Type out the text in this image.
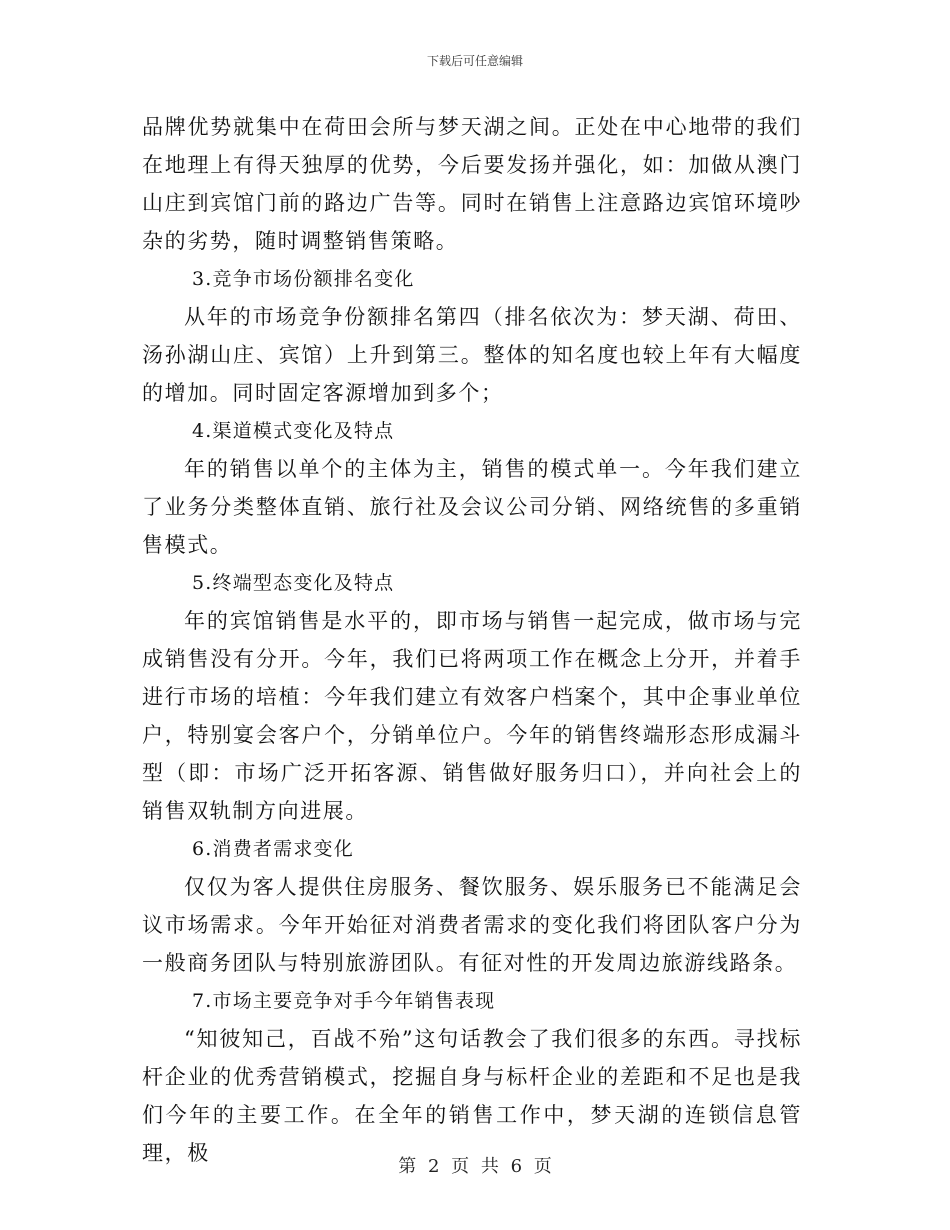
下载后可任意编辑

品牌优势就集中在荷田会所与梦天湖之间。正处在中心地带的我们在地理上有得天独厚的优势，今后要发扬并强化，如：加做从澳门山庄到宾馆门前的路边广告等。同时在销售上注意路边宾馆环境吵杂的劣势，随时调整销售策略。

3.竞争市场份额排名变化

从年的市场竞争份额排名第四（排名依次为：梦天湖、荷田、汤孙湖山庄、宾馆）上升到第三。整体的知名度也较上年有大幅度的增加。同时固定客源增加到多个；

4.渠道模式变化及特点

年的销售以单个的主体为主，销售的模式单一。今年我们建立了业务分类整体直销、旅行社及会议公司分销、网络统售的多重销售模式。

5.终端型态变化及特点

年的宾馆销售是水平的，即市场与销售一起完成，做市场与完成销售没有分开。今年，我们已将两项工作在概念上分开，并着手进行市场的培植：今年我们建立有效客户档案个，其中企事业单位户，特别宴会客户个，分销单位户。今年的销售终端形态形成漏斗型（即：市场广泛开拓客源、销售做好服务归口），并向社会上的销售双轨制方向进展。

6.消费者需求变化

仅仅为客人提供住房服务、餐饮服务、娱乐服务已不能满足会议市场需求。今年开始征对消费者需求的变化我们将团队客户分为一般商务团队与特别旅游团队。有征对性的开发周边旅游线路条。

7.市场主要竞争对手今年销售表现

“知彼知己，百战不殆”这句话教会了我们很多的东西。寻找标杆企业的优秀营销模式，挖掘自身与标杆企业的差距和不足也是我们今年的主要工作。在全年的销售工作中，梦天湖的连锁信息管理，极

第 2 页 共 6 页
